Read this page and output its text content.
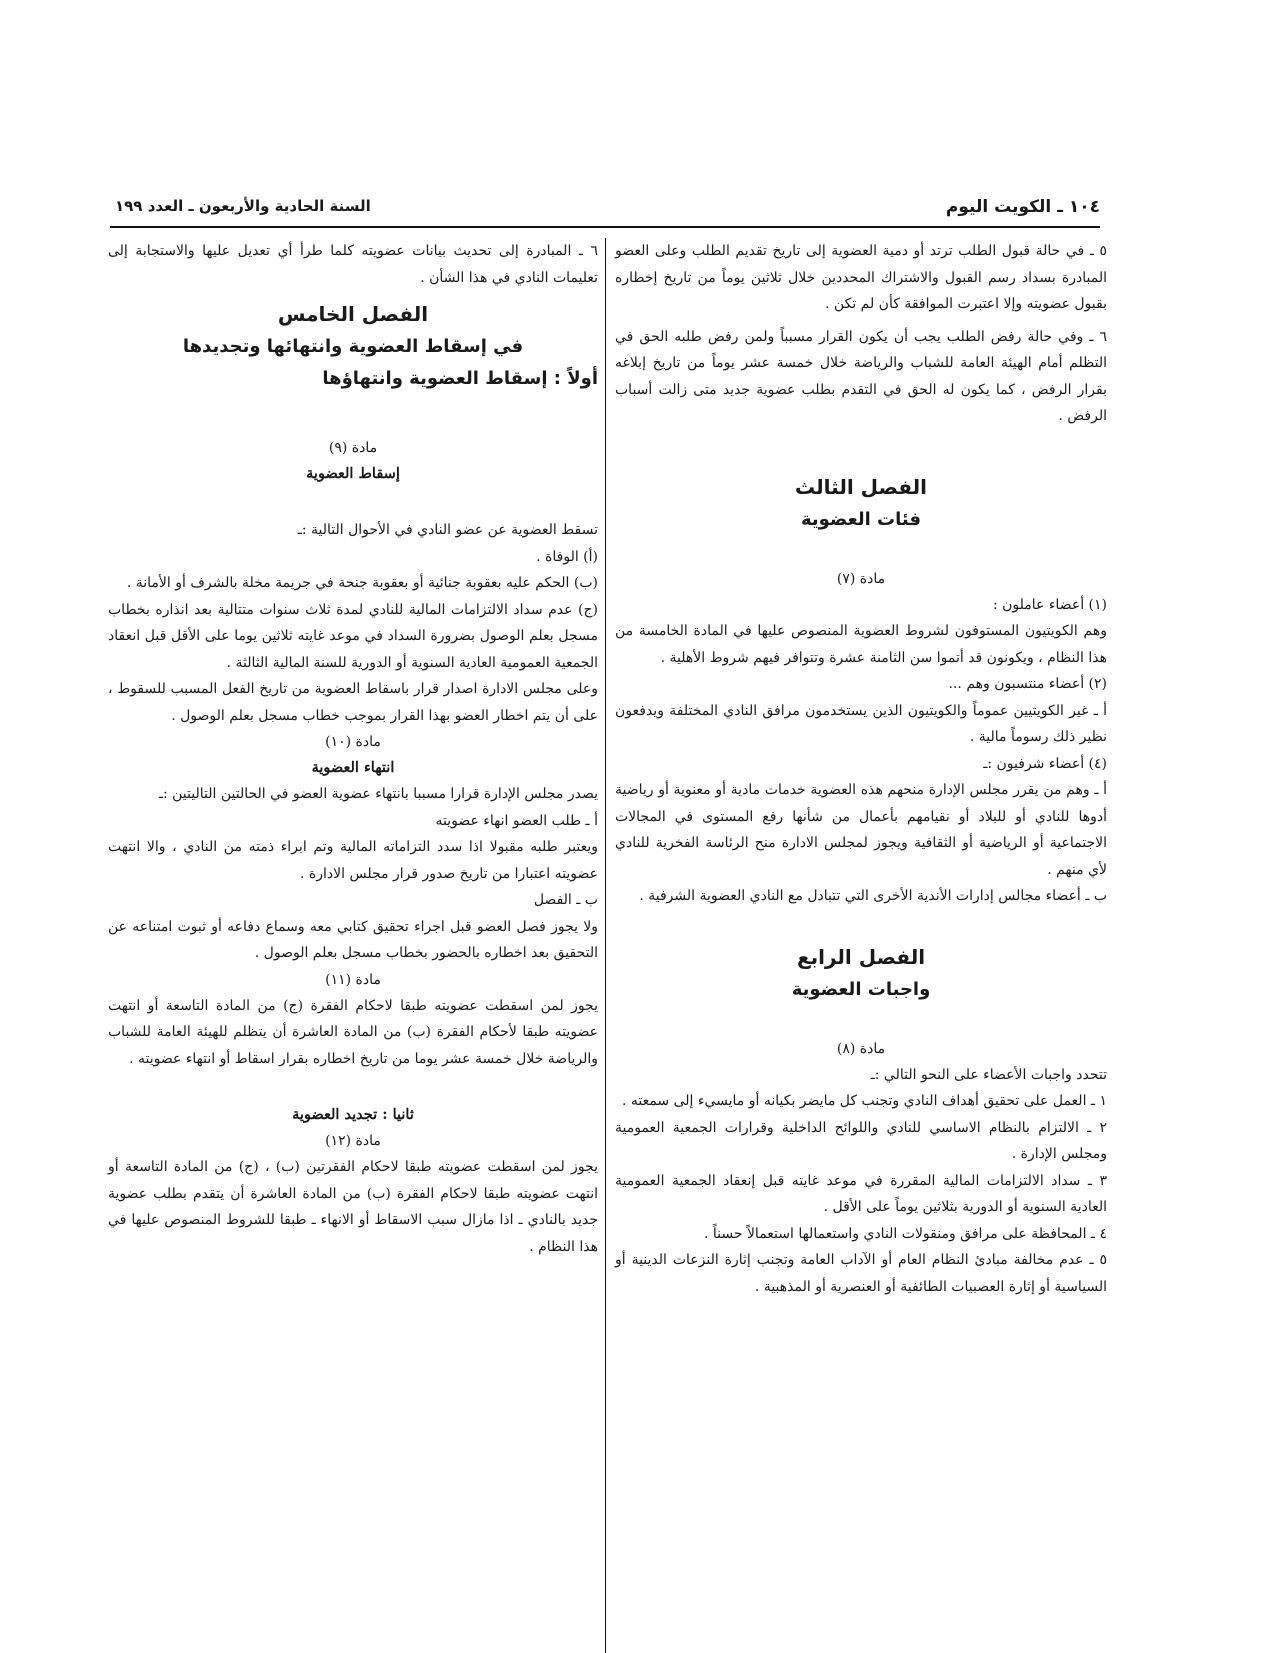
١٠٤ ـ الكويت اليوم
السنة الحادية والأربعون ـ العدد ١٩٩

٥ ـ في حالة قبول الطلب ترتد أو دمية العضوية إلى تاريخ تقديم الطلب وعلى العضو المبادرة بسداد رسم القبول والاشتراك المحددين خلال ثلاثين يوماً من تاريخ إخطاره بقبول عضويته وإلا اعتبرت الموافقة كأن لم تكن .

٦ ـ وفي حالة رفض الطلب يجب أن يكون القرار مسبباً ولمن رفض طلبه الحق في التظلم أمام الهيئة العامة للشباب والرياضة خلال خمسة عشر يوماً من تاريخ إبلاغه بقرار الرفض ، كما يكون له الحق في التقدم بطلب عضوية جديد متى زالت أسباب الرفض .

الفصل الثالث

فئات العضوية

مادة (٧)

(١) أعضاء عاملون :

وهم الكويتيون المستوفون لشروط العضوية المنصوص عليها في المادة الخامسة من هذا النظام ، ويكونون قد أتموا سن الثامنة عشرة وتتوافر فيهم شروط الأهلية .

(٢) أعضاء منتسبون وهم ...

أ ـ غير الكويتيين عموماً والكويتيون الذين يستخدمون مرافق النادي المختلفة ويدفعون نظير ذلك رسوماً مالية .

(٤) أعضاء شرفيون :ـ

أ ـ وهم من يقرر مجلس الإدارة منحهم هذه العضوية خدمات مادية أو معنوية أو رياضية أدوها للنادي أو للبلاد أو نقيامهم بأعمال من شأنها رفع المستوى في المجالات الاجتماعية أو الرياضية أو الثقافية ويجوز لمجلس الادارة منح الرئاسة الفخرية للنادي لأي منهم .

ب ـ أعضاء مجالس إدارات الأندية الأخرى التي تتبادل مع النادي العضوية الشرفية .

الفصل الرابع

واجبات العضوية

مادة (٨)

تتحدد واجبات الأعضاء على النحو التالي :ـ

١ ـ العمل على تحقيق أهداف النادي وتجنب كل مايضر بكيانه أو مايسيء إلى سمعته .

٢ ـ الالتزام بالنظام الاساسي للنادي واللوائح الداخلية وقرارات الجمعية العمومية ومجلس الإدارة .

٣ ـ سداد الالتزامات المالية المقررة في موعد غايته قبل إنعقاد الجمعية العمومية العادية السنوية أو الدورية بثلاثين يوماً على الأقل .

٤ ـ المحافظة على مرافق ومنقولات النادي واستعمالها استعمالاً حسناً .

٥ ـ عدم مخالفة مبادئ النظام العام أو الآداب العامة وتجنب إثارة النزعات الدينية أو السياسية أو إثارة العصبيات الطائفية أو العنصرية أو المذهبية .

٦ ـ المبادرة إلى تحديث بيانات عضويته كلما طرأ أي تعديل عليها والاستجابة إلى تعليمات النادي في هذا الشأن .

الفصل الخامس

في إسقاط العضوية وانتهائها وتجديدها

أولاً : إسقاط العضوية وانتهاؤها

مادة (٩)

إسقاط العضوية

تسقط العضوية عن عضو النادي في الأحوال التالية :ـ

(أ) الوفاة .

(ب) الحكم عليه بعقوبة جنائية أو بعقوبة جنحة في جريمة مخلة بالشرف أو الأمانة .

(ج) عدم سداد الالتزامات المالية للنادي لمدة ثلاث سنوات متتالية بعد انذاره بخطاب مسجل بعلم الوصول بضرورة السداد في موعد غايته ثلاثين يوما على الأقل قبل انعقاد الجمعية العمومية العادية السنوية أو الدورية للسنة المالية الثالثة .

وعلى مجلس الادارة اصدار قرار باسقاط العضوية من تاريخ الفعل المسبب للسقوط ، على أن يتم اخطار العضو بهذا القرار بموجب خطاب مسجل بعلم الوصول .

مادة (١٠)

انتهاء العضوية

يصدر مجلس الإدارة قرارا مسببا بانتهاء عضوية العضو في الحالتين التاليتين :ـ

أ ـ طلب العضو انهاء عضويته

ويعتبر طلبه مقبولا اذا سدد التزاماته المالية وتم ابراء ذمته من النادي ، والا انتهت عضويته اعتبارا من تاريخ صدور قرار مجلس الادارة .

ب ـ الفصل

ولا يجوز فصل العضو قبل اجراء تحقيق كتابي معه وسماع دفاعه أو ثبوت امتناعه عن التحقيق بعد اخطاره بالحضور بخطاب مسجل بعلم الوصول .

مادة (١١)

يجوز لمن اسقطت عضويته طبقا لاحكام الفقرة (ج) من المادة التاسعة أو انتهت عضويته طبقا لأحكام الفقرة (ب) من المادة العاشرة أن يتظلم للهيئة العامة للشباب والرياضة خلال خمسة عشر يوما من تاريخ اخطاره بقرار اسقاط أو انتهاء عضويته .

ثانيا : تجديد العضوية

مادة (١٢)

يجوز لمن اسقطت عضويته طبقا لاحكام الفقرتين (ب) ، (ج) من المادة التاسعة أو انتهت عضويته طبقا لاحكام الفقرة (ب) من المادة العاشرة أن يتقدم بطلب عضوية جديد بالنادي ـ اذا مازال سبب الاسقاط أو الانهاء ـ طبقا للشروط المنصوص عليها في هذا النظام .
